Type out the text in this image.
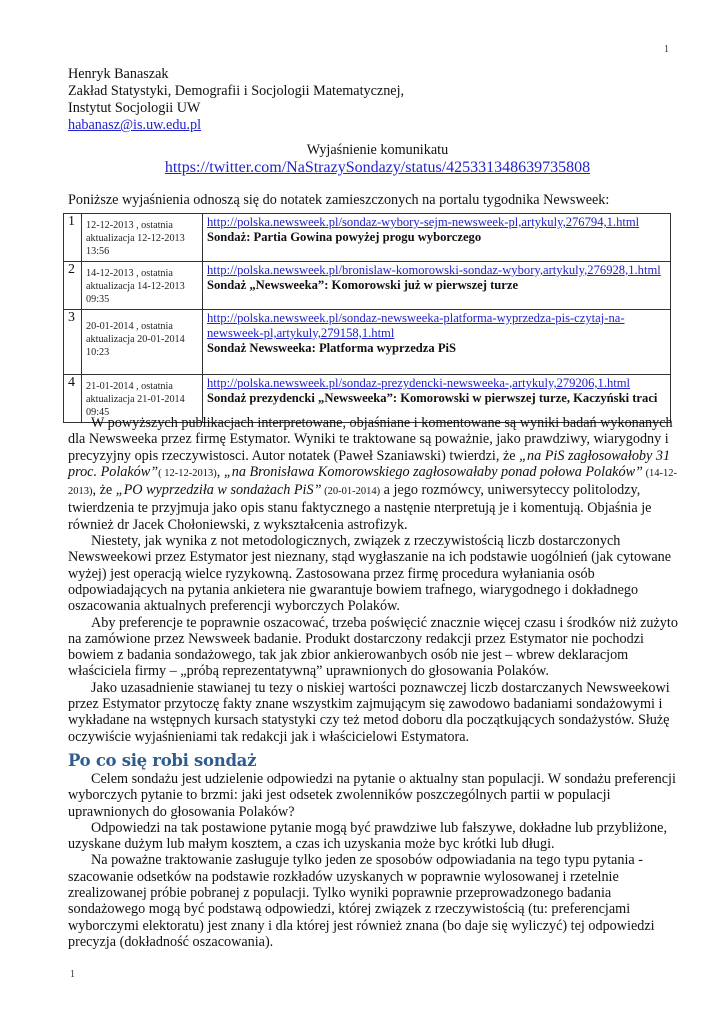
1
Henryk Banaszak
Zakład Statystyki, Demografii i Socjologii Matematycznej,
Instytut Socjologii UW
habanasz@is.uw.edu.pl
Wyjaśnienie komunikatu
https://twitter.com/NaStrazySondazy/status/425331348639735808
Poniższe wyjaśnienia odnoszą się do notatek zamieszczonych na portalu tygodnika Newsweek:
1	12-12-2013 , ostatnia
aktualizacja 12-12-2013
13:56

http://polska.newsweek.pl/sondaz-wybory-sejm-newsweek-pl,artykuly,276794,1.html
Sondaż: Partia Gowina powyżej progu wyborczego

2	14-12-2013 , ostatnia
aktualizacja 14-12-2013
09:35

http://polska.newsweek.pl/bronislaw-komorowski-sondaz-wybory,artykuly,276928,1.html
Sondaż „Newsweeka”: Komorowski już w pierwszej turze

3	
20-01-2014 , ostatnia
aktualizacja 20-01-2014
10:23

http://polska.newsweek.pl/sondaz-newsweeka-platforma-wyprzedza-pis-czytaj-na-newsweek-pl,artykuly,279158,1.html
Sondaż Newsweeka: Platforma wyprzedza PiS

4	21-01-2014 , ostatnia
aktualizacja 21-01-2014
09:45

http://polska.newsweek.pl/sondaz-prezydencki-newsweeka-,artykuly,279206,1.html
Sondaż prezydencki „Newsweeka”: Komorowski w pierwszej turze, Kaczyński traci

W powyższych publikacjach interpretowane, objaśniane i komentowane są wyniki badań wykonanych dla Newsweeka przez firmę Estymator. Wyniki te traktowane są poważnie, jako prawdziwy, wiarygodny i precyzyjny opis rzeczywistosci. Autor notatek (Paweł Szaniawski) twierdzi, że „na PiS zagłosowałoby 31 proc. Polaków”( 12-12-2013), „na Bronisława Komorowskiego zagłosowałaby ponad połowa Polaków” (14-12-2013), że „PO wyprzedziła w sondażach PiS” (20-01-2014) a jego rozmówcy, uniwersyteccy politolodzy, twierdzenia te przyjmuja jako opis stanu faktycznego a nastęnie nterpretują je i komentują. Objaśnia je również dr Jacek Chołoniewski, z wykształcenia astrofizyk.

Niestety, jak wynika z not metodologicznych, związek z rzeczywistością liczb dostarczonych Newsweekowi przez Estymator jest nieznany, stąd wygłaszanie na ich podstawie uogólnień (jak cytowane wyżej) jest operacją wielce ryzykowną. Zastosowana przez firmę procedura wyłaniania osób odpowiadających na pytania ankietera nie gwarantuje bowiem trafnego, wiarygodnego i dokładnego oszacowania aktualnych preferencji wyborczych Polaków.

Aby preferencje te poprawnie oszacować, trzeba poświęcić znacznie więcej czasu i środków niż zużyto na zamówione przez Newsweek badanie. Produkt dostarczony redakcji przez Estymator nie pochodzi bowiem z badania sondażowego, tak jak zbior ankierowanbych osób nie jest – wbrew deklaracjom właściciela firmy – „próbą reprezentatywną” uprawnionych do głosowania Polaków.

Jako uzasadnienie stawianej tu tezy o niskiej wartości poznawczej liczb dostarczanych Newsweekowi przez Estymator przytoczę fakty znane wszystkim zajmującym się zawodowo badaniami sondażowymi i wykładane na wstępnych kursach statystyki czy też metod doboru dla początkujących sondażystów. Służę oczywiście wyjaśnieniami tak redakcji jak i właścicielowi Estymatora.

Po co się robi sondaż

Celem sondażu jest udzielenie odpowiedzi na pytanie o aktualny stan populacji. W sondażu preferencji wyborczych pytanie to brzmi: jaki jest odsetek zwolenników poszczególnych partii w populacji uprawnionych do głosowania Polaków?

Odpowiedzi na tak postawione pytanie mogą być prawdziwe lub fałszywe, dokładne lub przybliżone, uzyskane dużym lub małym kosztem, a czas ich uzyskania może byc krótki lub długi.

Na poważne traktowanie zasługuje tylko jeden ze sposobów odpowiadania na tego typu pytania - szacowanie odsetków na podstawie rozkładów uzyskanych w poprawnie wylosowanej i rzetelnie zrealizowanej próbie pobranej z populacji. Tylko wyniki poprawnie przeprowadzonego badania sondażowego mogą być podstawą odpowiedzi, której związek z rzeczywistością (tu: preferencjami wyborczymi elektoratu) jest znany i dla której jest również znana (bo daje się wyliczyć) tej odpowiedzi precyzja (dokładność oszacowania).

1
